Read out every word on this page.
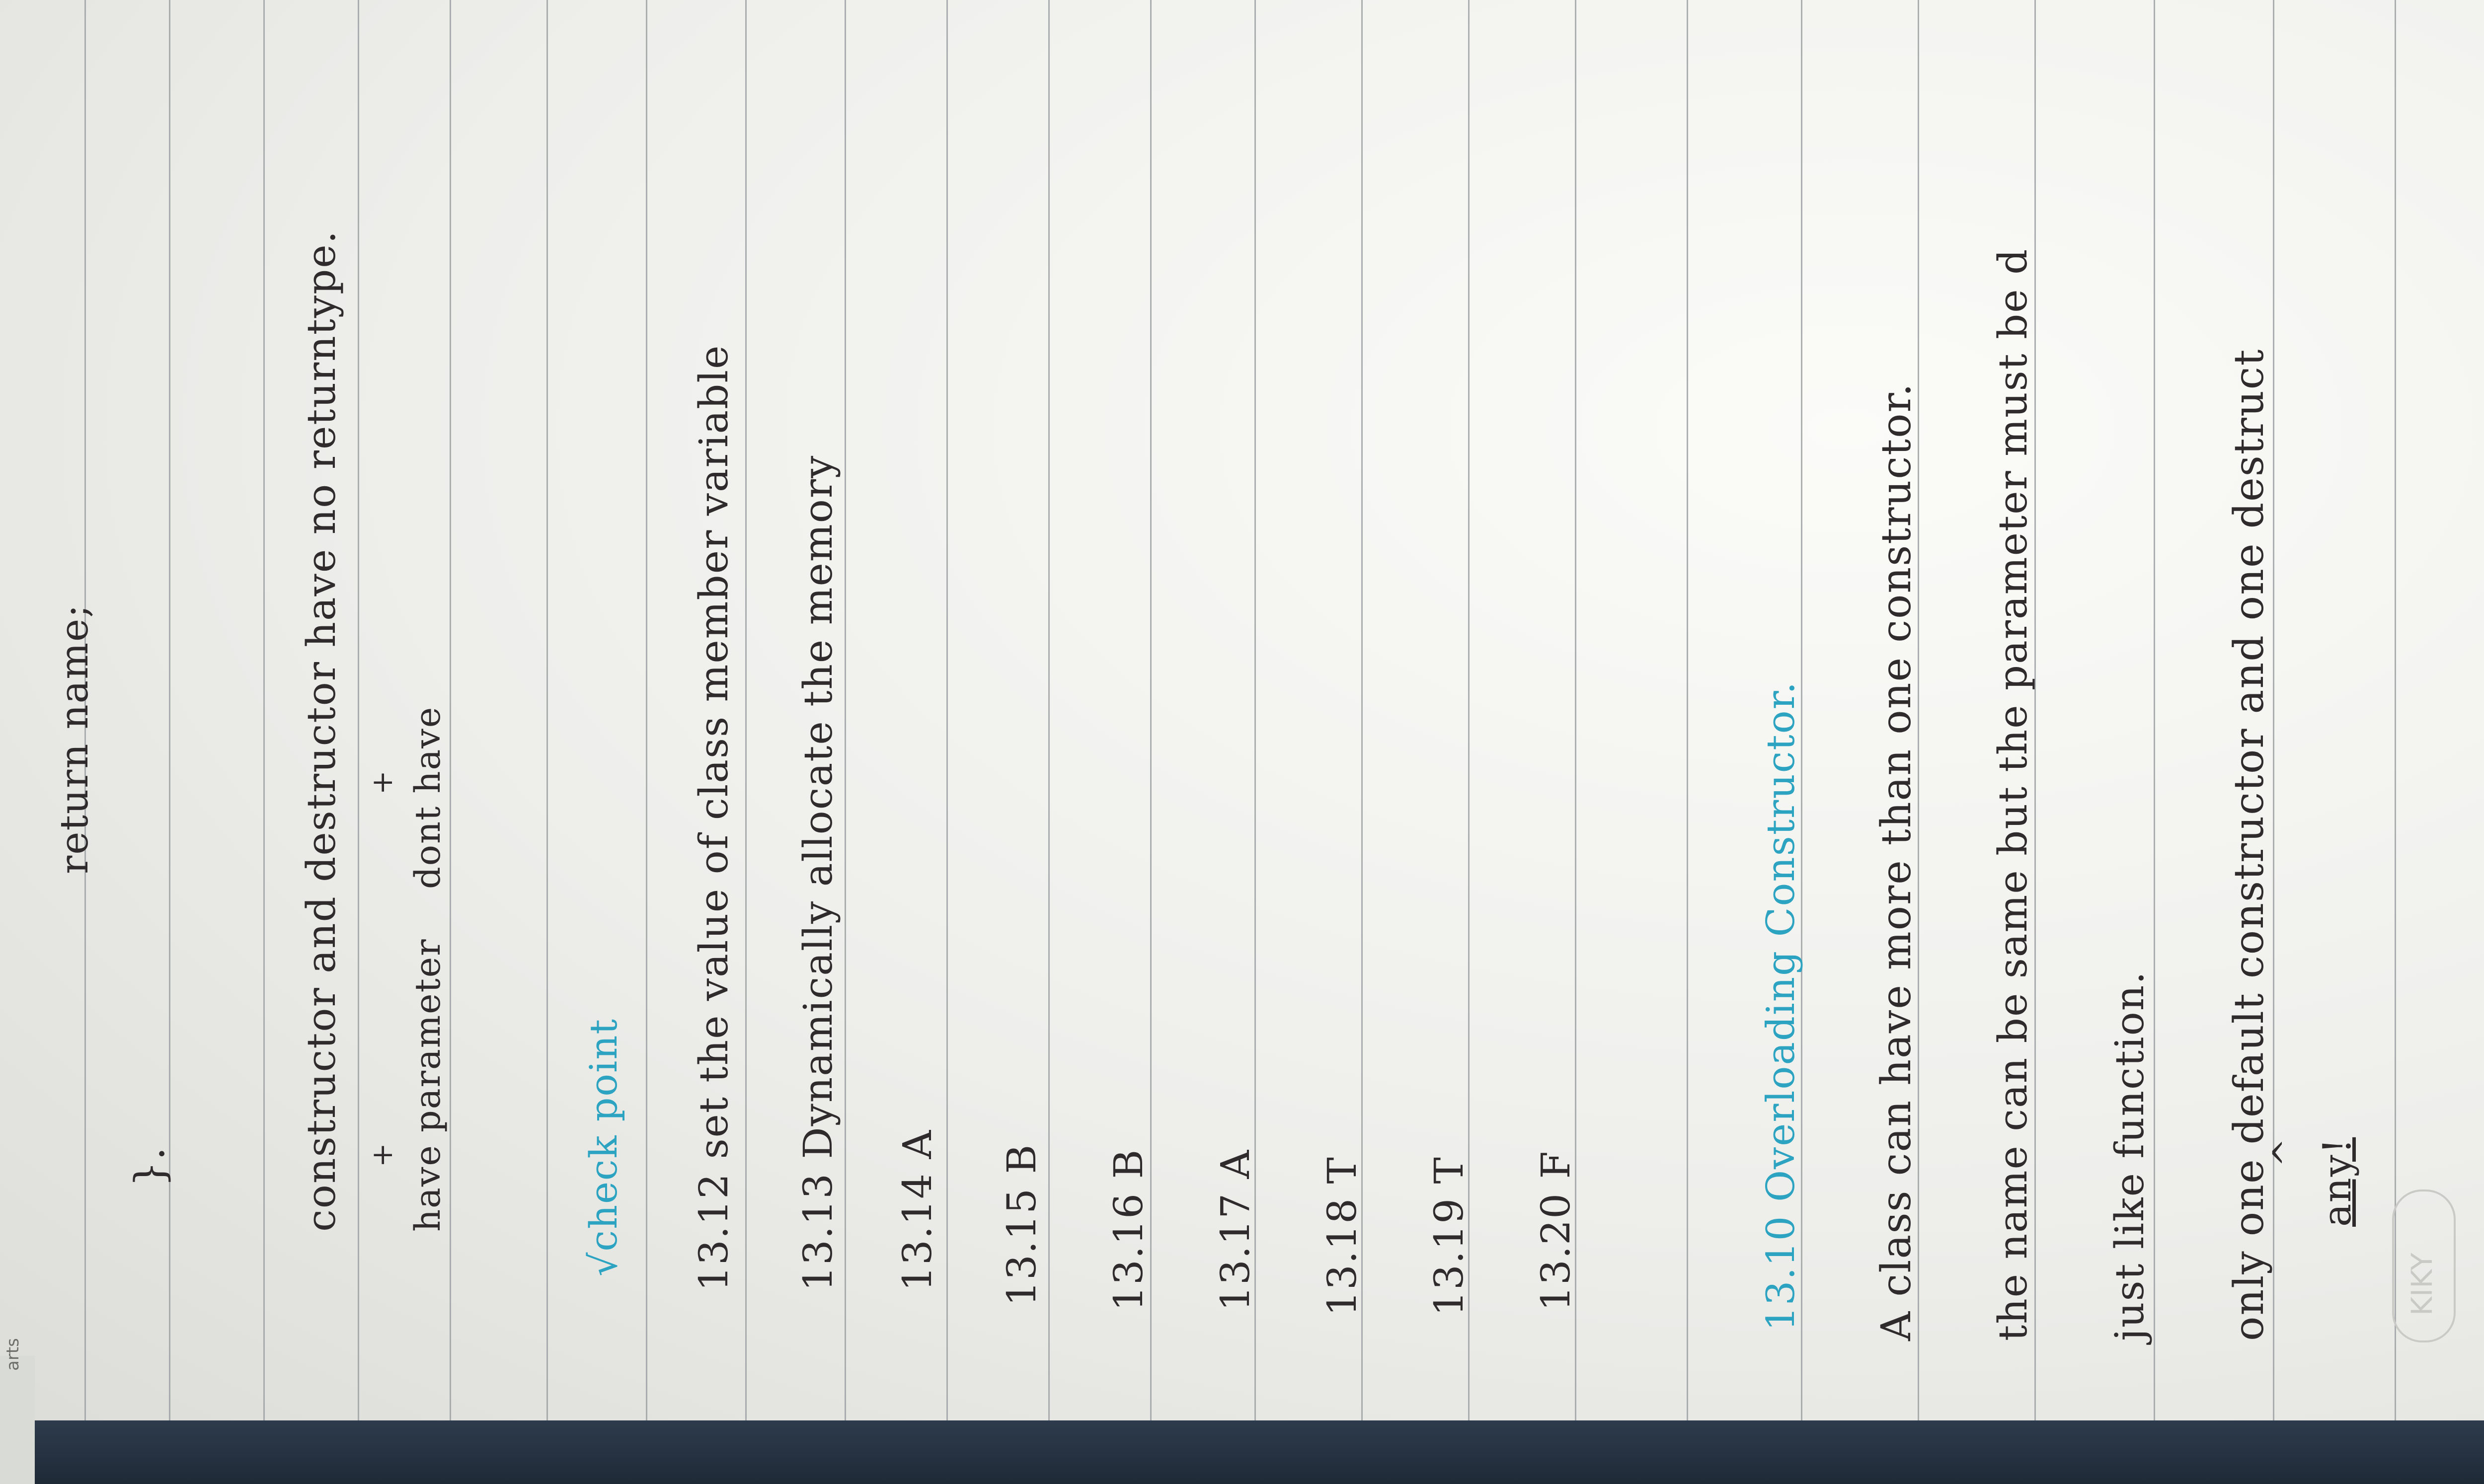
return name;
}.	constructor and destructor have no returntype. + have parameter
+ dont have
√check point 13.12 set the value of class member variable 13.13 Dynamically allocate the memory 13.14 A 13.15 B 13.16 B 13.17 A 13.18 T 13.19 T 13.20 F	13.10 Overloading Constructor. A class can have more than one constructor. the name can be same but the parameter must be d just like function. only one default constructor and one destruct
^ any!
KIKY
arts
